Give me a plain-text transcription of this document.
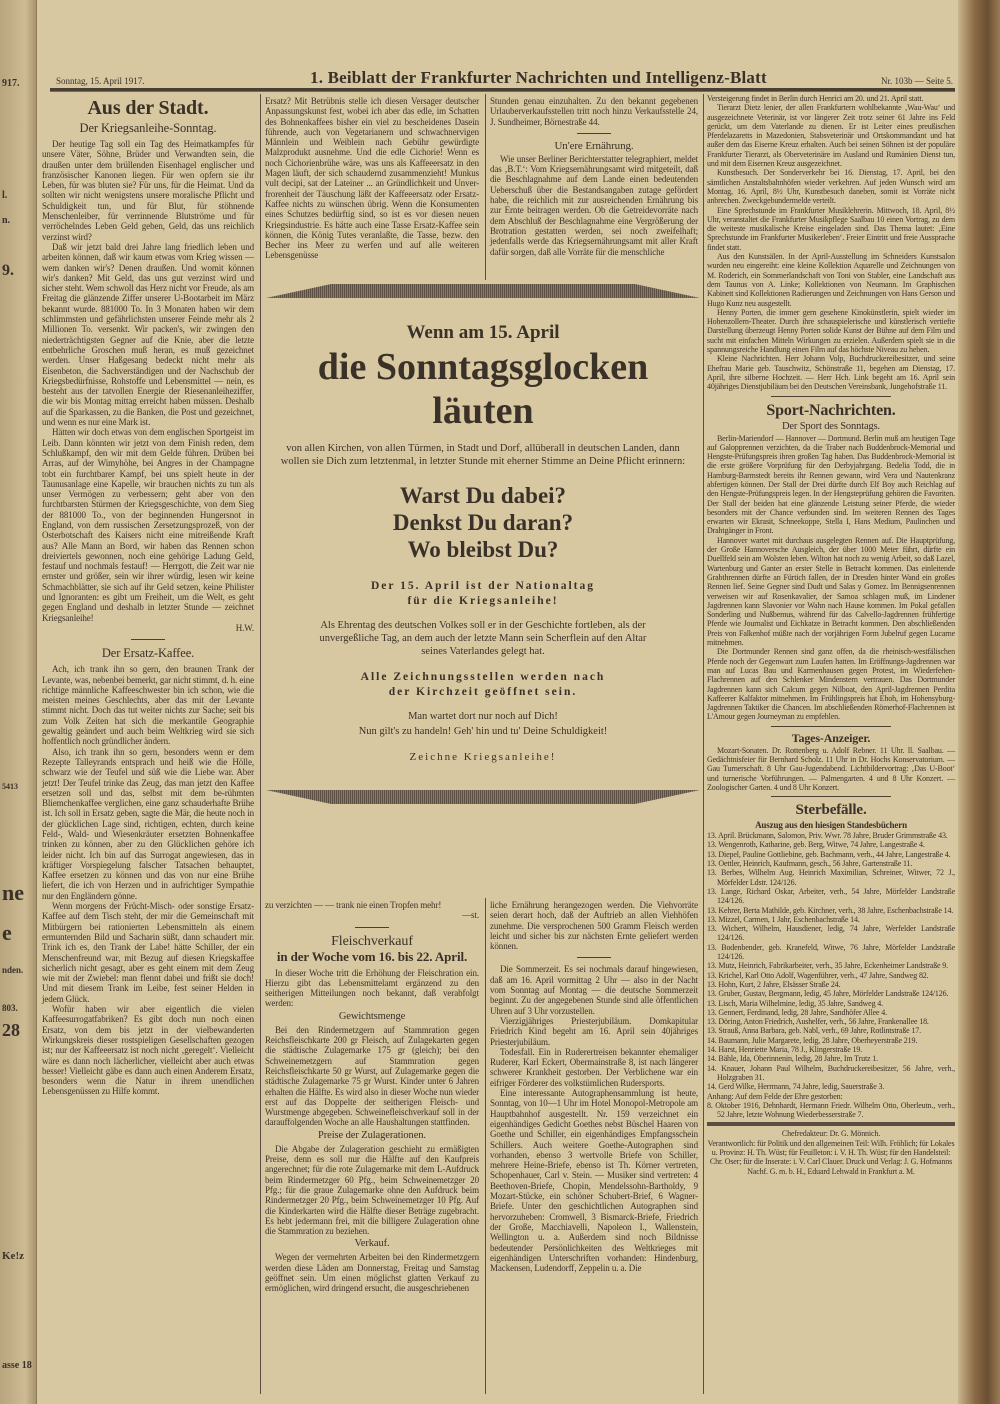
917.
l.
n.
9.
5413
ne
e
nden.
803.
28
Ke!z
asse 18
Sonntag, 15. April 1917.	1. Beiblatt der Frankfurter Nachrichten und Intelligenz-Blatt	Nr. 103b — Seite 5.
Aus der Stadt.
Der Kriegsanleihe-Sonntag.

Der heutige Tag soll ein Tag des Heimatkampfes für unsere Väter, Söhne, Brüder und Verwandten sein, die draußen unter dem brüllenden Eisenhagel englischer und französischer Kanonen liegen. Für wen opfern sie ihr Leben, für was bluten sie? Für uns, für die Heimat. Und da sollten wir nicht wenigstens unsere moralische Pflicht und Schuldigkeit tun, und für Blut, für stöhnende Menschenleiber, für verrinnende Blutströme und für verröchelndes Leben Geld geben, Geld, das uns reichlich verzinst wird?

Daß wir jetzt bald drei Jahre lang friedlich leben und arbeiten können, daß wir kaum etwas vom Krieg wissen — wem danken wir's? Denen draußen. Und womit können wir's danken? Mit Geld, das uns gut verzinst wird und sicher steht. Wem schwoll das Herz nicht vor Freude, als am Freitag die glänzende Ziffer unserer U-Bootarbeit im März bekannt wurde. 881000 To. In 3 Monaten haben wir dem schlimmsten und gefährlichsten unserer Feinde mehr als 2 Millionen To. versenkt. Wir packen's, wir zwingen den niederträchtigsten Gegner auf die Knie, aber die letzte entbehrliche Groschen muß heran, es muß gezeichnet werden. Unser Haßgesang bedeckt nicht mehr als Eisenbeton, die Sachverständigen und der Nachschub der Kriegsbedürfnisse, Rohstoffe und Lebensmittel — nein, es besteht aus der tatvollen Energie der Riesenanleiheziffer, die wir bis Montag mittag erreicht haben müssen. Deshalb auf die Sparkassen, zu die Banken, die Post und gezeichnet, und wenn es nur eine Mark ist.

Hätten wir doch etwas von dem englischen Sportgeist im Leib. Dann könnten wir jetzt von dem Finish reden, dem Schlußkampf, den wir mit dem Gelde führen. Drüben bei Arras, auf der Wimyhöhe, bei Angres in der Champagne tobt ein furchtbarer Kampf, bei uns spielt heute in der Taunusanlage eine Kapelle, wir brauchen nichts zu tun als unser Vermögen zu verbessern; geht aber von den furchtbarsten Stürmen der Kriegsgeschichte, von dem Sieg der 881000 To., von der beginnenden Hungersnot in England, von dem russischen Zersetzungsprozeß, von der Osterbotschaft des Kaisers nicht eine mitreißende Kraft aus? Alle Mann an Bord, wir haben das Rennen schon dreiviertels gewonnen, noch eine gehörige Ladung Geld, festauf und nochmals festauf! — Herrgott, die Zeit war nie ernster und größer, sein wir ihrer würdig, lesen wir keine Schmachblätter, sie sich auf ihr Geld setzen, keine Philister und Ignoranten: es gibt um Freiheit, um die Welt, es geht gegen England und deshalb in letzter Stunde — zeichnet Kriegsanleihe!

H.W.
Der Ersatz-Kaffee.

Ach, ich trank ihn so gern, den braunen Trank der Levante, was, nebenbei bemerkt, gar nicht stimmt, d. h. eine richtige männliche Kaffeeschwester bin ich schon, wie die meisten meines Geschlechts, aber das mit der Levante stimmt nicht. Doch das tut weiter nichts zur Sache; seit bis zum Volk Zeiten hat sich die merkantile Geographie gewaltig geändert und auch beim Weltkrieg wird sie sich hoffentlich noch gründlicher ändern.

Also, ich trank ihn so gern, besonders wenn er dem Rezepte Talleyrands entsprach und heiß wie die Hölle, schwarz wie der Teufel und süß wie die Liebe war. Aber jetzt! Der Teufel trinke das Zeug, das man jetzt den Kaffee ersetzen soll und das, selbst mit dem be-rühmten Bliemchenkaffee verglichen, eine ganz schauderhafte Brühe ist. Ich soll in Ersatz geben, sagte die Mär, die heute noch in der glücklichen Lage sind, richtigen, echten, durch keine Feld-, Wald- und Wiesenkräuter ersetzten Bohnenkaffee trinken zu können, aber zu den Glücklichen gehöre ich leider nicht. Ich bin auf das Surrogat angewiesen, das in kräftiger Vorspiegelung falscher Tatsachen behauptet, Kaffee ersetzen zu können und das von nur eine Brühe liefert, die ich von Herzen und in aufrichtiger Sympathie nur den Engländern gönne.

Wenn morgens der Frücht-Misch- oder sonstige Ersatz-Kaffee auf dem Tisch steht, der mir die Gemeinschaft mit Mitbürgern bei rationierten Lebensmitteln als einem ermunternden Bild und Sacharin süßt, dann schaudert mir. Trink ich es, den Trank der Labe! hätte Schiller, der ein Menschenfreund war, mit Bezug auf diesen Kriegskaffee sicherlich nicht gesagt, aber es geht einem mit dem Zeug wie mit der Zwiebel: man flennt dabei und frißt sie doch! Und mit diesem Trank im Leibe, fest seiner Helden in jedem Glück.

Wofür haben wir aber eigentlich die vielen Kaffeesurrogatfabriken? Es gibt doch nun noch einen Ersatz, von dem bis jetzt in der vielbewanderten Wirkungskreis dieser rostspieligen Gesellschaften gezogen ist; nur der Kaffeeersatz ist noch nicht ‚geregelt‘. Vielleicht wäre es dann noch lächerlicher, vielleicht aber auch etwas besser! Vielleicht gäbe es dann auch einen Anderem Ersatz, besonders wenn die Natur in ihrem unendlichen Lebensgenüssen zu Hilfe kommt.

Ersatz? Mit Betrübnis stelle ich diesen Versager deutscher Anpassungskunst fest, wobei ich aber das edle, im Schatten des Bohnenkaffees bisher ein viel zu bescheidenes Dasein führende, auch von Vegetarianern und schwachnervigen Männlein und Weiblein nach Gebühr gewürdigte Malzprodukt ausnehme. Und die edle Cichorie! Wenn es noch Cichorienbrühe wäre, was uns als Kaffeeersatz in den Magen läuft, der sich schaudernd zusammenzieht! Munkus vult decipi, sat der Lateiner ... an Gründlichkeit und Unver-frorenheit der Täuschung läßt der Kaffeeersatz oder Ersatz-Kaffee nichts zu wünschen übrig. Wenn die Konsumenten eines Schutzes bedürftig sind, so ist es vor diesen neuen Kriegsindustrie. Es hätte auch eine Tasse Ersatz-Kaffee sein können, die König Tutes veranlaßte, die Tasse, bezw. den Becher ins Meer zu werfen und auf alle weiteren Lebensgenüsse

Stunden genau einzuhalten. Zu den bekannt gegebenen Urlauberverkaufsstellen tritt noch hinzu Verkaufsstelle 24, J. Sundheimer, Börnestraße 44.

Un'ere Ernährung.

Wie unser Berliner Berichterstatter telegraphiert, meldet das ‚B.T.‘: Vom Kriegsernährungsamt wird mitgeteilt, daß die Beschlagnahme auf dem Lande einen bedeutenden Ueberschuß über die Bestandsangaben zutage gefördert habe, die reichlich mit zur ausreichenden Ernährung bis zur Ernte beitragen werden. Ob die Getreidevorräte nach dem Abschluß der Beschlagnahme eine Vergrößerung der Brotration gestatten werden, sei noch zweifelhaft; jedenfalls werde das Kriegsernährungsamt mit aller Kraft dafür sorgen, daß alle Vorräte für die menschliche

Wenn am 15. April
die Sonntagsglocken
läuten
von allen Kirchen, von allen Türmen, in Stadt und Dorf, allüberall in deutschen Landen, dann wollen sie Dich zum letztenmal, in letzter Stunde mit eherner Stimme an Deine Pflicht erinnern:
Warst Du dabei?
Denkst Du daran?
Wo bleibst Du?
Der 15. April ist der Nationaltag
für die Kriegsanleihe!
Als Ehrentag des deutschen Volkes soll er in der Geschichte fortleben, als der unvergeßliche Tag, an dem auch der letzte Mann sein Scherflein auf den Altar seines Vaterlandes gelegt hat.
Alle Zeichnungsstellen werden nach
der Kirchzeit geöffnet sein.
Man wartet dort nur noch auf Dich!
Nun gilt's zu handeln! Geh' hin und tu' Deine Schuldigkeit!
Zeichne Kriegsanleihe!

zu verzichten — — trank nie einen Tropfen mehr!

—st.
Fleischverkauf
in der Woche vom 16. bis 22. April.

In dieser Woche tritt die Erhöhung der Fleischration ein. Hierzu gibt das Lebensmittelamt ergänzend zu den seitherigen Mitteilungen noch bekannt, daß verabfolgt werden:

Gewichtsmenge

Bei den Rindermetzgern auf Stammration gegen Reichsfleischkarte 200 gr Fleisch, auf Zulagekarten gegen die städtische Zulagemarke 175 gr (gleich); bei den Schweinemetzgern auf Stammration gegen Reichsfleischkarte 50 gr Wurst, auf Zulagemarke gegen die städtische Zulagemarke 75 gr Wurst. Kinder unter 6 Jahren erhalten die Hälfte. Es wird also in dieser Woche nun wieder erst auf das Doppelte der seitherigen Fleisch- und Wurstmenge abgegeben. Schweinefleischverkauf soll in der darauffolgenden Woche an alle Haushaltungen stattfinden.

Preise der Zulagerationen.

Die Abgabe der Zulageration geschieht zu ermäßigten Preise, denn es soll nur die Hälfte auf den Kaufpreis angerechnet; für die rote Zulagemarke mit dem L-Aufdruck beim Rindermetzger 60 Pfg., beim Schweinemetzger 20 Pfg.; für die graue Zulagemarke ohne den Aufdruck beim Rindermetzger 20 Pfg., beim Schweinemetzger 10 Pfg. Auf die Kinderkarten wird die Hälfte dieser Beträge zugebracht. Es hebt jedermann frei, mit die billigere Zulageration ohne die Stammration zu beziehen.

Verkauf.

Wegen der vermehrten Arbeiten bei den Rindermetzgern werden diese Läden am Donnerstag, Freitag und Samstag geöffnet sein. Um einen möglichst glatten Verkauf zu ermöglichen, wird dringend ersucht, die ausgeschriebenen

liche Ernährung herangezogen werden. Die Viehvorräte seien derart hoch, daß der Auftrieb an allen Viehhöfen zunehme. Die versprochenen 500 Gramm Fleisch werden leicht und sicher bis zur nächsten Ernte geliefert werden können.

Die Sommerzeit. Es sei nochmals darauf hingewiesen, daß am 16. April vormittag 2 Uhr — also in der Nacht vom Sonntag auf Montag — die deutsche Sommerzeit beginnt. Zu der angegebenen Stunde sind alle öffentlichen Uhren auf 3 Uhr vorzustellen.

Vierzigjähriges Priesterjubiläum. Domkapitular Friedrich Kind begeht am 16. April sein 40jähriges Priesterjubiläum.

Todesfall. Ein in Ruderertreisen bekannter ehemaliger Ruderer, Karl Eckert, Obermainstraße 8, ist nach längerer schwerer Krankheit gestorben. Der Verblichene war ein eifriger Förderer des volkstümlichen Rudersports.

Eine interessante Autographensammlung ist heute, Sonntag, von 10—1 Uhr im Hotel Monopol-Metropole am Hauptbahnhof ausgestellt. Nr. 159 verzeichnet ein eigenhändiges Gedicht Goethes nebst Büschel Haaren von Goethe und Schiller, ein eigenhändiges Empfangsschein Schillers. Auch weitere Goethe-Autographen sind vorhanden, ebenso 3 wertvolle Briefe von Schiller, mehrere Heine-Briefe, ebenso ist Th. Körner vertreten, Schopenhauer, Carl v. Stein. — Musiker sind vertreten: 4 Beethoven-Briefe, Chopin, Mendelssohn-Bartholdy, 9 Mozart-Stücke, ein schöner Schubert-Brief, 6 Wagner-Briefe. Unter den geschichtlichen Autographen sind hervorzuheben: Cromwell, 3 Bismarck-Briefe, Friedrich der Große, Macchiavelli, Napoleon I., Wallenstein, Wellington u. a. Außerdem sind noch Bildnisse bedeutender Persönlichkeiten des Weltkrieges mit eigenhändigen Unterschriften vorhanden: Hindenburg, Mackensen, Ludendorff, Zeppelin u. a. Die

Versteigerung findet in Berlin durch Henrici am 20. und 21. April statt.

Tierarzt Dietz lenier, der allen Frankfurtern wohlbekannte ‚Wau-Wau‘ und ausgezeichnete Veterinär, ist vor längerer Zeit trotz seiner 61 Jahre ins Feld gerückt, um dem Vaterlande zu dienen. Er ist Leiter eines preußischen Pferdelazaretts in Mazedonien, Stabsveterinär und Ortskommandant und hat außer dem das Eiserne Kreuz erhalten. Auch bei seinen Söhnen ist der populäre Frankfurter Tierarzt, als Oberveterinäre im Ausland und Rumänien Dienst tun, und mit dem Eisernen Kreuz ausgezeichnet.

Kunstbesuch. Der Sonderverkehr bei 16. Dienstag, 17. April, bei den sämtlichen Anstaltsbahnhöfen wieder verkehren. Auf jeden Wunsch wird am Montag, 16. April, 8½ Uhr, Kunstbesuch daneben, somit ist Vorräte nicht anbrechen. Zweckgebundermelde verteilt.

Eine Sprechstunde im Frankfurter Musiklehrerin. Mittwoch, 18. April, 8½ Uhr, veranstaltet die Frankfurter Musikpflege Saalbau 10 einen Vortrag, zu dem die weiteste musikalische Kreise eingeladen sind. Das Thema lautet: ‚Eine Sprechstunde im Frankfurter Musikerleben‘. Freier Eintritt und freie Aussprache findet statt.

Aus den Kunstsälen. In der April-Ausstellung im Schneiders Kunstsalon wurden neu eingereiht: eine kleine Kollektion Aquarelle und Zeichnungen von M. Roderich, ein Sommerlandschaft von Toni von Stabler, eine Landschaft aus dem Taunus von A. Linke; Kollektionen von Neumann. Im Graphischen Kabinett sind Kollektionen Radierungen und Zeichnungen von Hans Gerson und Hugo Kunz neu ausgestellt.

Henny Porten, die immer gern gesehene Kinokünstlerin, spielt wieder im Hohenzollern-Theater. Durch ihre schauspielerische und künstlerisch vertiefte Darstellung überzeugt Henny Porten solide Kunst der Bühne auf dem Film und sucht mit einfachen Mitteln Wirkungen zu erzielen. Außerdem spielt sie in die spannungsreiche Handlung einen Film auf das höchste Niveau zu heben.

Kleine Nachrichten. Herr Johann Volp, Buchdruckereibesitzer, und seine Ehefrau Marie geb. Tauschwitz, Schönstraße 11, begehen am Dienstag, 17. April, ihre silberne Hochzeit. — Herr Hch. Link begeht am 16. April sein 40jähriges Dienstjubiläum bei den Deutschen Vereinsbank, Jungehofstraße 11.

Sport-Nachrichten.
Der Sport des Sonntags.

Berlin-Mariendorf — Hannover — Dortmund. Berlin muß am heutigen Tage auf Galopprennen verzichten, da die Traber nach Buddenbrock-Memorial und Hengste-Prüfungspreis ihren großen Tag haben. Das Buddenbrock-Memorial ist die erste größere Vorprüfung für den Derbyjahrgang. Bedelia Todd, die in Hamburg-Barmstedt bereits ihr Rennen gewann, wird Vera und Nautenkranz abfertigen können. Der Stall der Drei dürfte durch Elf Boy auch Reichlag auf den Hengste-Prüfungspreis legen. In der Hengsteprüfung gehören die Favoriten. Der Stall der beiden hat eine glänzende Leistung seiner Pferde, die wieder besonders mit der Chance verbunden sind. Im weiteren Rennen des Tages erwarten wir Ekrasit, Schneekoppe, Stella I, Hans Medium, Paulinchen und Drahtgänger in Front.

Hannover wartet mit durchaus ausgelegten Rennen auf. Die Hauptprüfung, der Große Hannoversche Ausgleich, der über 1000 Meter führt, dürfte ein Duellfeld sein am Wolsten leben. Wilton hat noch zu wenig Arbeit, so daß Lazel, Wartenburg und Ganter an erster Stelle in Betracht kommen. Das einleitende Grabthrennen dürfte an Fürtich fallen, der in Dresden hinter Wand ein großes Rennen lief. Seine Gegner sind Dudt und Salas y Gomez. Im Bennigsenrennen verweisen wir auf Rosenkavalier, der Samoa schlagen muß, im Lindener Jagdrennen kann Slavonier vor Wahn nach Hause kommen. Im Pokal gefallen Sonderling und Nußbemus, während für das Calvello-Jagdrennen frühfertige Pferde wie Journalist und Eichkatze in Betracht kommen. Den abschließenden Preis von Falkenhof müßte nach der vorjährigen Form Jubelruf gegen Lucarne mitnehmen.

Die Dortmunder Rennen sind ganz offen, da die rheinisch-westfälischen Pferde noch der Gegenwart zum Laufen hatten. Im Eröffnungs-Jagdrennen war man auf Lucas Bau und Karmenhausen gegen Protest, im Wiederfehen-Flachrennen auf den Schlenker Mindenstern vertrauen. Das Dortmunder Jagdrennen kann sich Calcum gegen Nilboat, den April-Jagdrennen Perdita Kaffeerer Kalfaktor mitnehmen. Im Frühlingspreis hat Ehoh, im Hohensyburg-Jagdrennen Taktiker die Chancen. Im abschließenden Römerhof-Flachrennen ist L'Amour gegen Journeyman zu empfehlen.

Tages-Anzeiger.

Mozart-Sonaten. Dr. Rottenberg u. Adolf Rebner. 11 Uhr. ll. Saalbau. — Gedächtnisfeier für Bernhard Scholz. 11 Uhr in Dr. Hochs Konservatorium. — Gau Turnerschaft. 8 Uhr Gau-Jugendabend. Lichtbildervortrag: ‚Das U-Boot‘ und turnerische Vorführungen. — Palmengarten. 4 und 8 Uhr Konzert. — Zoologischer Garten. 4 und 8 Uhr Konzert.

Sterbefälle.
Auszug aus den hiesigen Standesbüchern

13. April. Brückmann, Salomon, Priv. Wwr. 78 Jahre, Bruder Grimmstraße 43.

13. Wengenroth, Katharine, geb. Berg, Witwe, 74 Jahre, Langestraße 4.

13. Diepel, Pauline Gottliebine, geb. Bachmann, verh., 44 Jahre, Langestraße 4.

13. Oettler, Heinrich, Kaufmann, gesch., 56 Jahre, Gartenstraße 11.

13. Berbes, Wilhelm Aug. Heinrich Maximilian, Schreiner, Witwer, 72 J., Mörfelder Ldstr. 124/126.

13. Lange, Richard Oskar, Arbeiter, verh., 54 Jahre, Mörfelder Landstraße 124/126.

13. Kehrer, Berta Mathilde, geb. Kirchner, verh., 38 Jahre, Eschenbachstraße 14.

13. Mizzel, Carmen, 1 Jahr, Eschenbachstraße 14.

13. Wichert, Wilhelm, Hausdiener, ledig, 74 Jahre, Werfelder Landstraße 124/126.

13. Bodenbender, geb. Kranefeld, Witwe, 76 Jahre, Mörfelder Landstraße 124/126.

13. Mutz, Heinrich, Fabrikarbeiter, verh., 35 Jahre, Eckenheimer Landstraße 9.

13. Krichel, Karl Otto Adolf, Wagenführer, verh., 47 Jahre, Sandweg 82.

13. Hohn, Kurt, 2 Jahre, Elsässer Straße 24.

13. Gruber, Gustav, Bergmann, ledig, 45 Jahre, Mörfelder Landstraße 124/126.

13. Lisch, Maria Wilhelmine, ledig, 35 Jahre, Sandweg 4.

13. Gennert, Ferdinand, ledig, 28 Jahre, Sandhöfer Allee 4.

13. Döring, Anton Friedrich, Aushelfer, verh., 56 Jahre, Frankenallee 18.

13. Strauß, Anna Barbara, geb. Nabl, verh., 69 Jahre, Rotlintstraße 17.

14. Baumann, Julie Margarete, ledig, 28 Jahre, Oberheyerstraße 219.

14. Harst, Henriette Maria, 78 J., Klingerstraße 19.

14. Bähle, Ida, Oberinnenin, ledig, 28 Jahre, Im Trutz 1.

14. Knauer, Johann Paul Wilhelm, Buchdruckereibesitzer, 56 Jahre, verh., Holzgraben 31.

14. Gerd Wilke, Herrmann, 74 Jahre, ledig, Sauerstraße 3.

Anhang: Auf dem Felde der Ehre gestorben:

8. Oktober 1916, Dehnhardt, Hermann Friedr. Wilhelm Otto, Oberleutn., verh., 52 Jahre, letzte Wohnung Wiederbesserstraße 7.

Chefredakteur: Dr. G. Mönnich.
Verantwortlich: für Politik und den allgemeinen Teil: Wilh. Fröhlich; für Lokales u. Provinz: H. Th. Wüst; für Feuilleton: i. V. H. Th. Wüst; für den Handelsteil: Chr. Oser; für die Inserate: i. V. Carl Clauer. Druck und Verlag: J. G. Hofmanns Nachf. G. m. b. H., Eduard Lehwald in Frankfurt a. M.
